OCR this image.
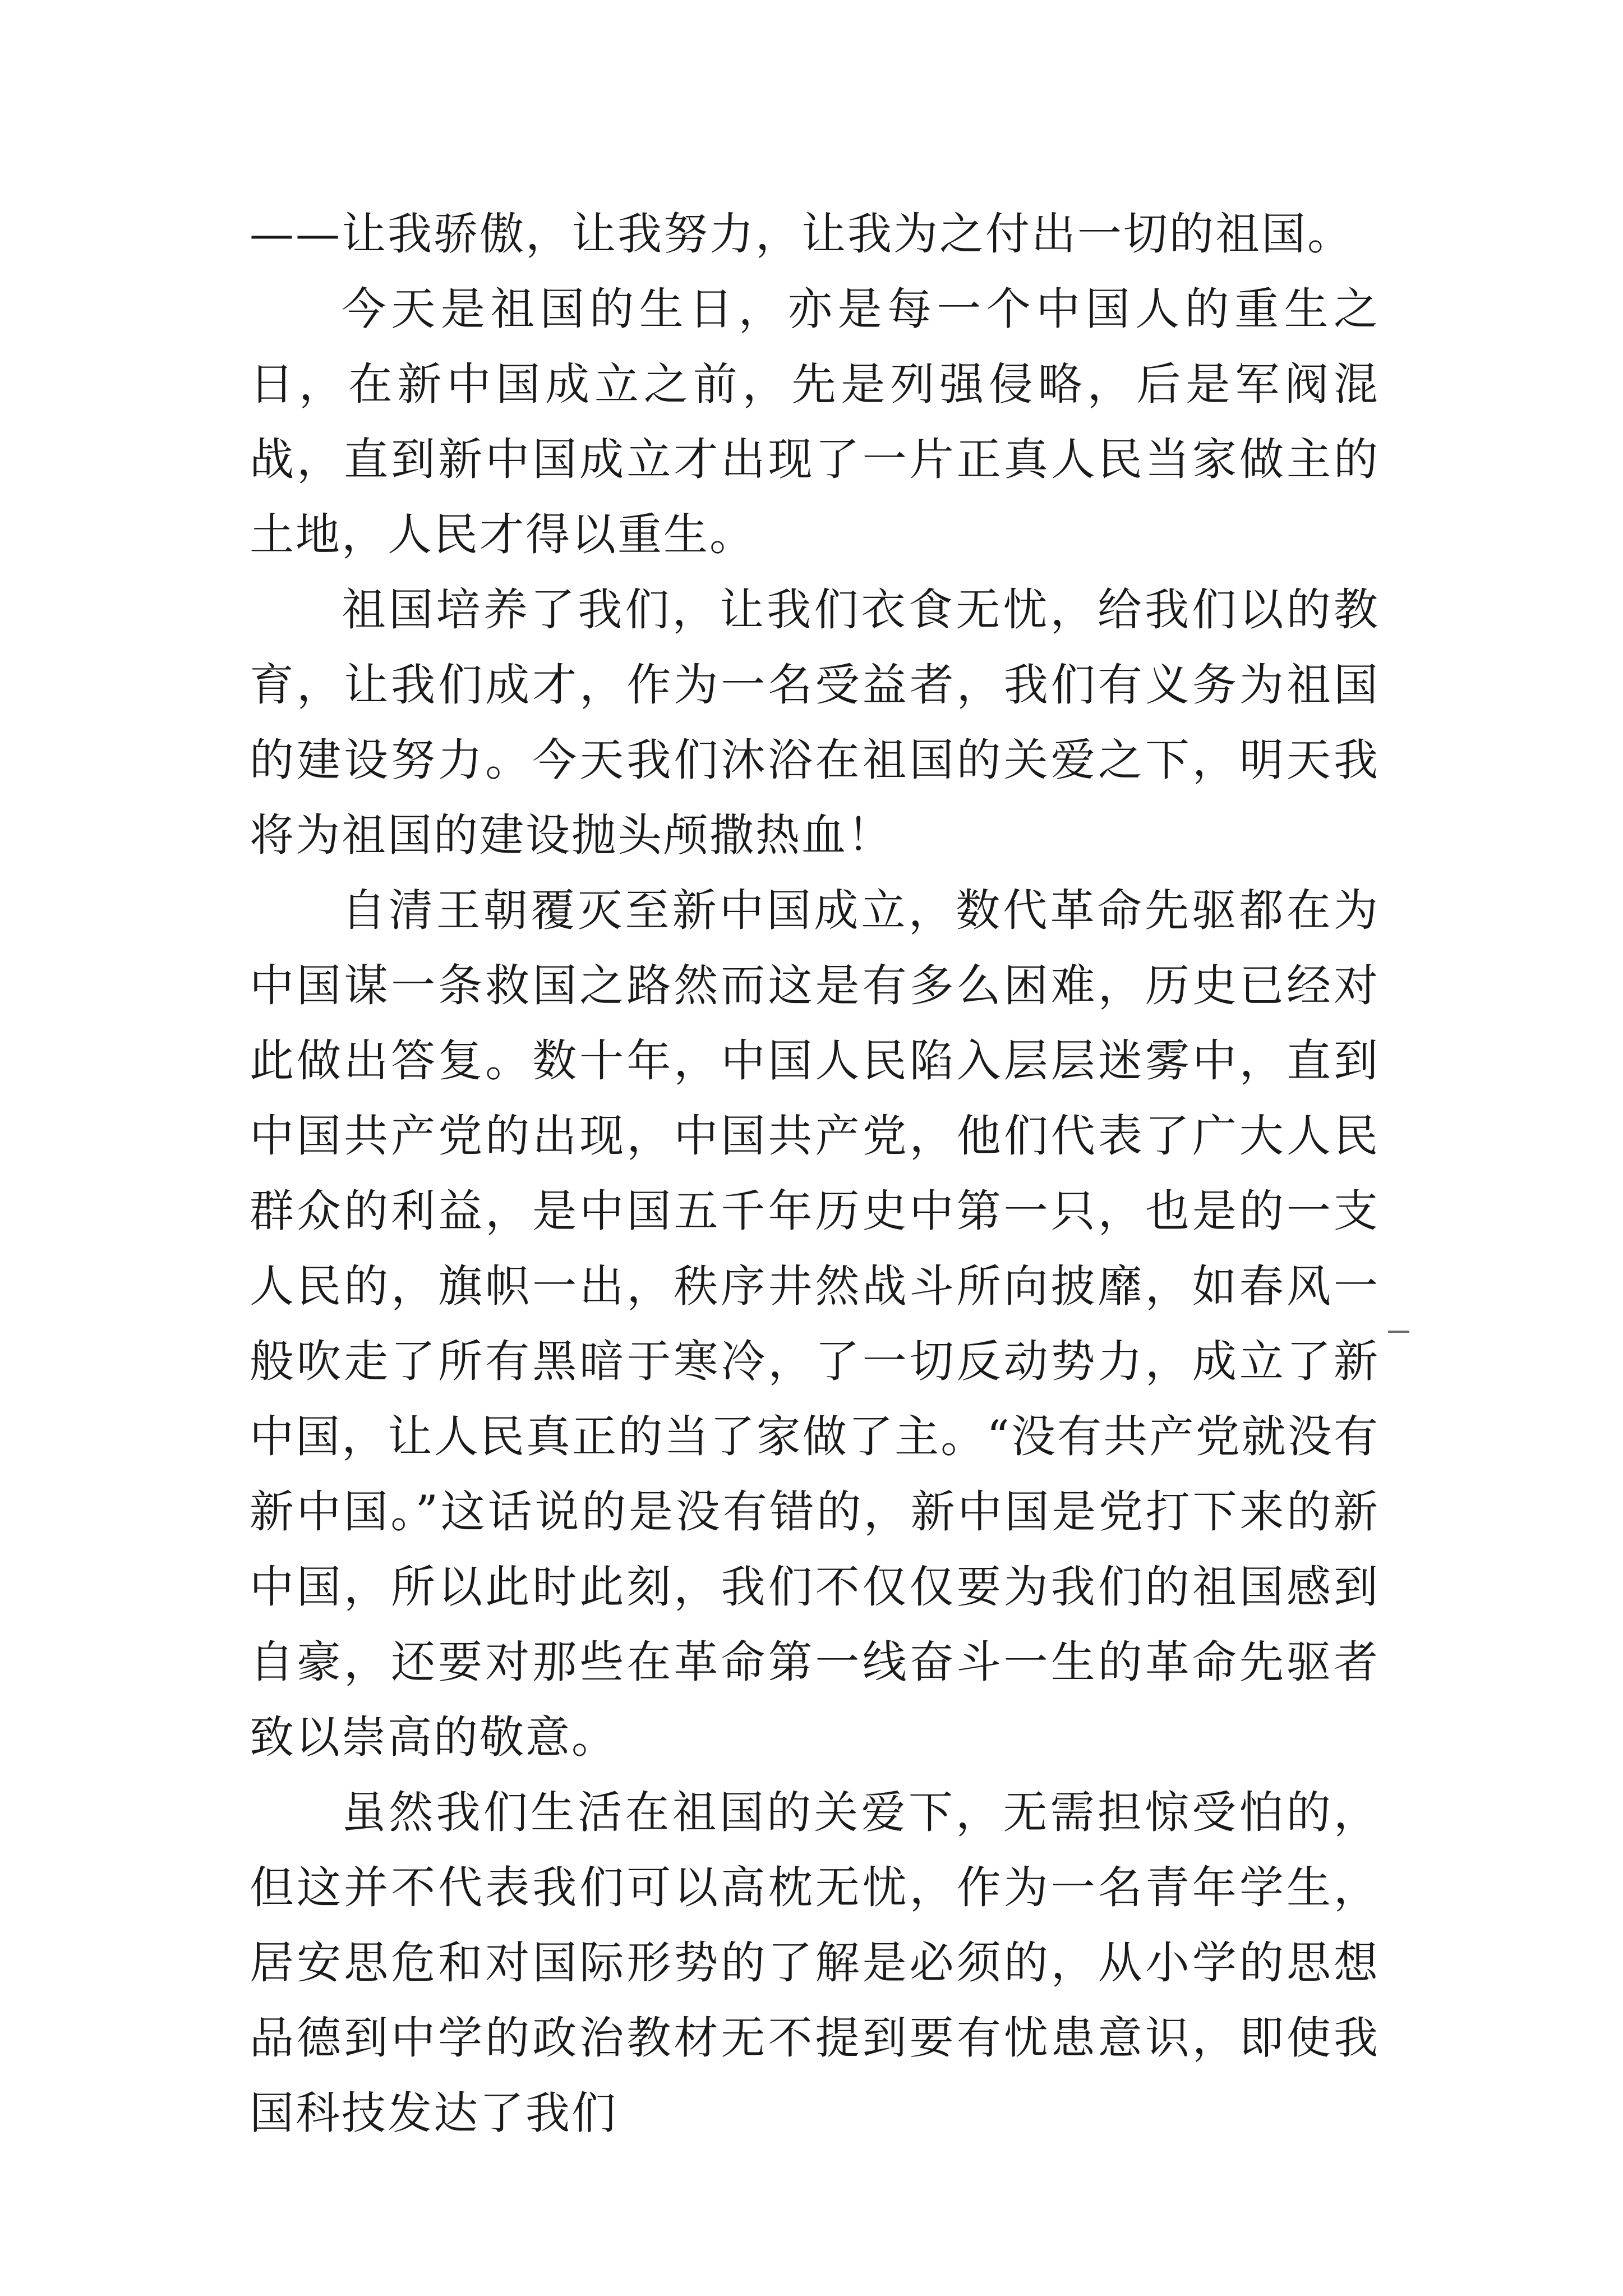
——让我骄傲，让我努力，让我为之付出一切的祖国。

今天是祖国的生日，亦是每一个中国人的重生之日，在新中国成立之前，先是列强侵略，后是军阀混战，直到新中国成立才出现了一片正真人民当家做主的土地，人民才得以重生。

祖国培养了我们，让我们衣食无忧，给我们以的教育，让我们成才，作为一名受益者，我们有义务为祖国的建设努力。今天我们沐浴在祖国的关爱之下，明天我将为祖国的建设抛头颅撒热血！

自清王朝覆灭至新中国成立，数代革命先驱都在为中国谋一条救国之路然而这是有多么困难，历史已经对此做出答复。数十年，中国人民陷入层层迷雾中，直到中国共产党的出现，中国共产党，他们代表了广大人民群众的利益，是中国五千年历史中第一只，也是的一支人民的，旗帜一出，秩序井然战斗所向披靡，如春风一般吹走了所有黑暗于寒冷，了一切反动势力，成立了新中国，让人民真正的当了家做了主。“没有共产党就没有新中国。”这话说的是没有错的，新中国是党打下来的新中国，所以此时此刻，我们不仅仅要为我们的祖国感到自豪，还要对那些在革命第一线奋斗一生的革命先驱者致以崇高的敬意。

虽然我们生活在祖国的关爱下，无需担惊受怕的，但这并不代表我们可以高枕无忧，作为一名青年学生，居安思危和对国际形势的了解是必须的，从小学的思想品德到中学的政治教材无不提到要有忧患意识，即使我国科技发达了我们
